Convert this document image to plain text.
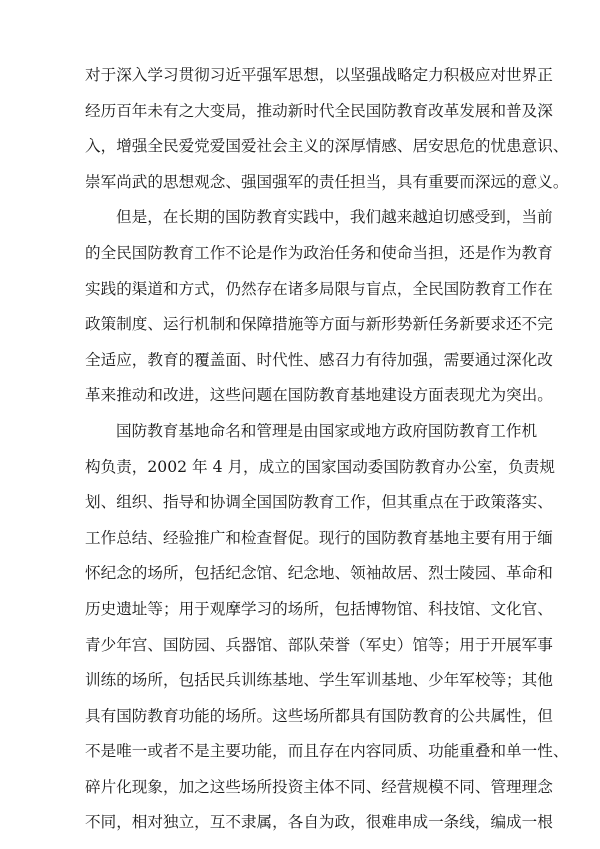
对于深入学习贯彻习近平强军思想，以坚强战略定力积极应对世界正
经历百年未有之大变局，推动新时代全民国防教育改革发展和普及深
入，增强全民爱党爱国爱社会主义的深厚情感、居安思危的忧患意识、
崇军尚武的思想观念、强国强军的责任担当，具有重要而深远的意义。
但是，在长期的国防教育实践中，我们越来越迫切感受到，当前
的全民国防教育工作不论是作为政治任务和使命当担，还是作为教育
实践的渠道和方式，仍然存在诸多局限与盲点，全民国防教育工作在
政策制度、运行机制和保障措施等方面与新形势新任务新要求还不完
全适应，教育的覆盖面、时代性、感召力有待加强，需要通过深化改
革来推动和改进，这些问题在国防教育基地建设方面表现尤为突出。
国防教育基地命名和管理是由国家或地方政府国防教育工作机
构负责，2002 年 4 月，成立的国家国动委国防教育办公室，负责规
划、组织、指导和协调全国国防教育工作，但其重点在于政策落实、
工作总结、经验推广和检查督促。现行的国防教育基地主要有用于缅
怀纪念的场所，包括纪念馆、纪念地、领袖故居、烈士陵园、革命和
历史遗址等；用于观摩学习的场所，包括博物馆、科技馆、文化官、
青少年宫、国防园、兵器馆、部队荣誉（军史）馆等；用于开展军事
训练的场所，包括民兵训练基地、学生军训基地、少年军校等；其他
具有国防教育功能的场所。这些场所都具有国防教育的公共属性，但
不是唯一或者不是主要功能，而且存在内容同质、功能重叠和单一性、
碎片化现象，加之这些场所投资主体不同、经营规模不同、管理理念
不同，相对独立，互不隶属，各自为政，很难串成一条线，编成一根
